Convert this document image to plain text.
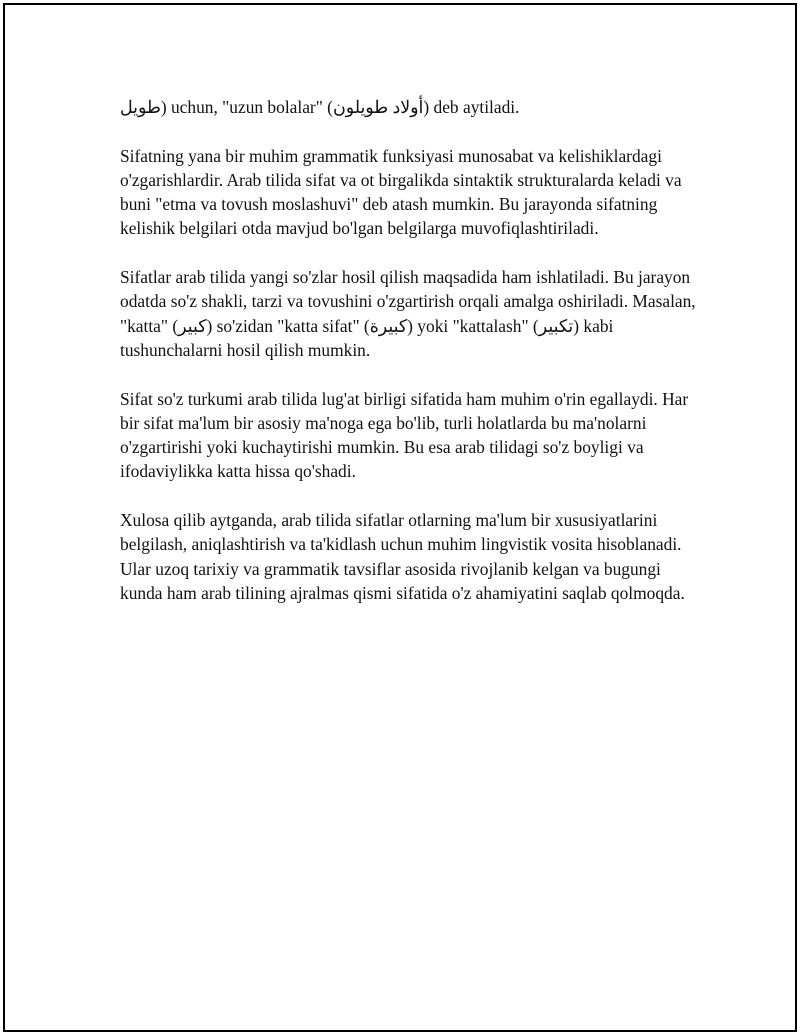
طويل) uchun, "uzun bolalar" (أولاد طويلون) deb aytiladi.

Sifatning yana bir muhim grammatik funksiyasi munosabat va kelishiklardagi o'zgarishlardir. Arab tilida sifat va ot birgalikda sintaktik strukturalarda keladi va buni "etma va tovush moslashuvi" deb atash mumkin. Bu jarayonda sifatning kelishik belgilari otda mavjud bo'lgan belgilarga muvofiqlashtiriladi.

Sifatlar arab tilida yangi so'zlar hosil qilish maqsadida ham ishlatiladi. Bu jarayon odatda so'z shakli, tarzi va tovushini o'zgartirish orqali amalga oshiriladi. Masalan, "katta" (كبير) so'zidan "katta sifat" (كبيرة) yoki "kattalash" (تكبير) kabi tushunchalarni hosil qilish mumkin.

Sifat so'z turkumi arab tilida lug'at birligi sifatida ham muhim o'rin egallaydi. Har bir sifat ma'lum bir asosiy ma'noga ega bo'lib, turli holatlarda bu ma'nolarni o'zgartirishi yoki kuchaytirishi mumkin. Bu esa arab tilidagi so'z boyligi va ifodaviylikka katta hissa qo'shadi.

Xulosa qilib aytganda, arab tilida sifatlar otlarning ma'lum bir xususiyatlarini belgilash, aniqlashtirish va ta'kidlash uchun muhim lingvistik vosita hisoblanadi. Ular uzoq tarixiy va grammatik tavsiflar asosida rivojlanib kelgan va bugungi kunda ham arab tilining ajralmas qismi sifatida o'z ahamiyatini saqlab qolmoqda.
